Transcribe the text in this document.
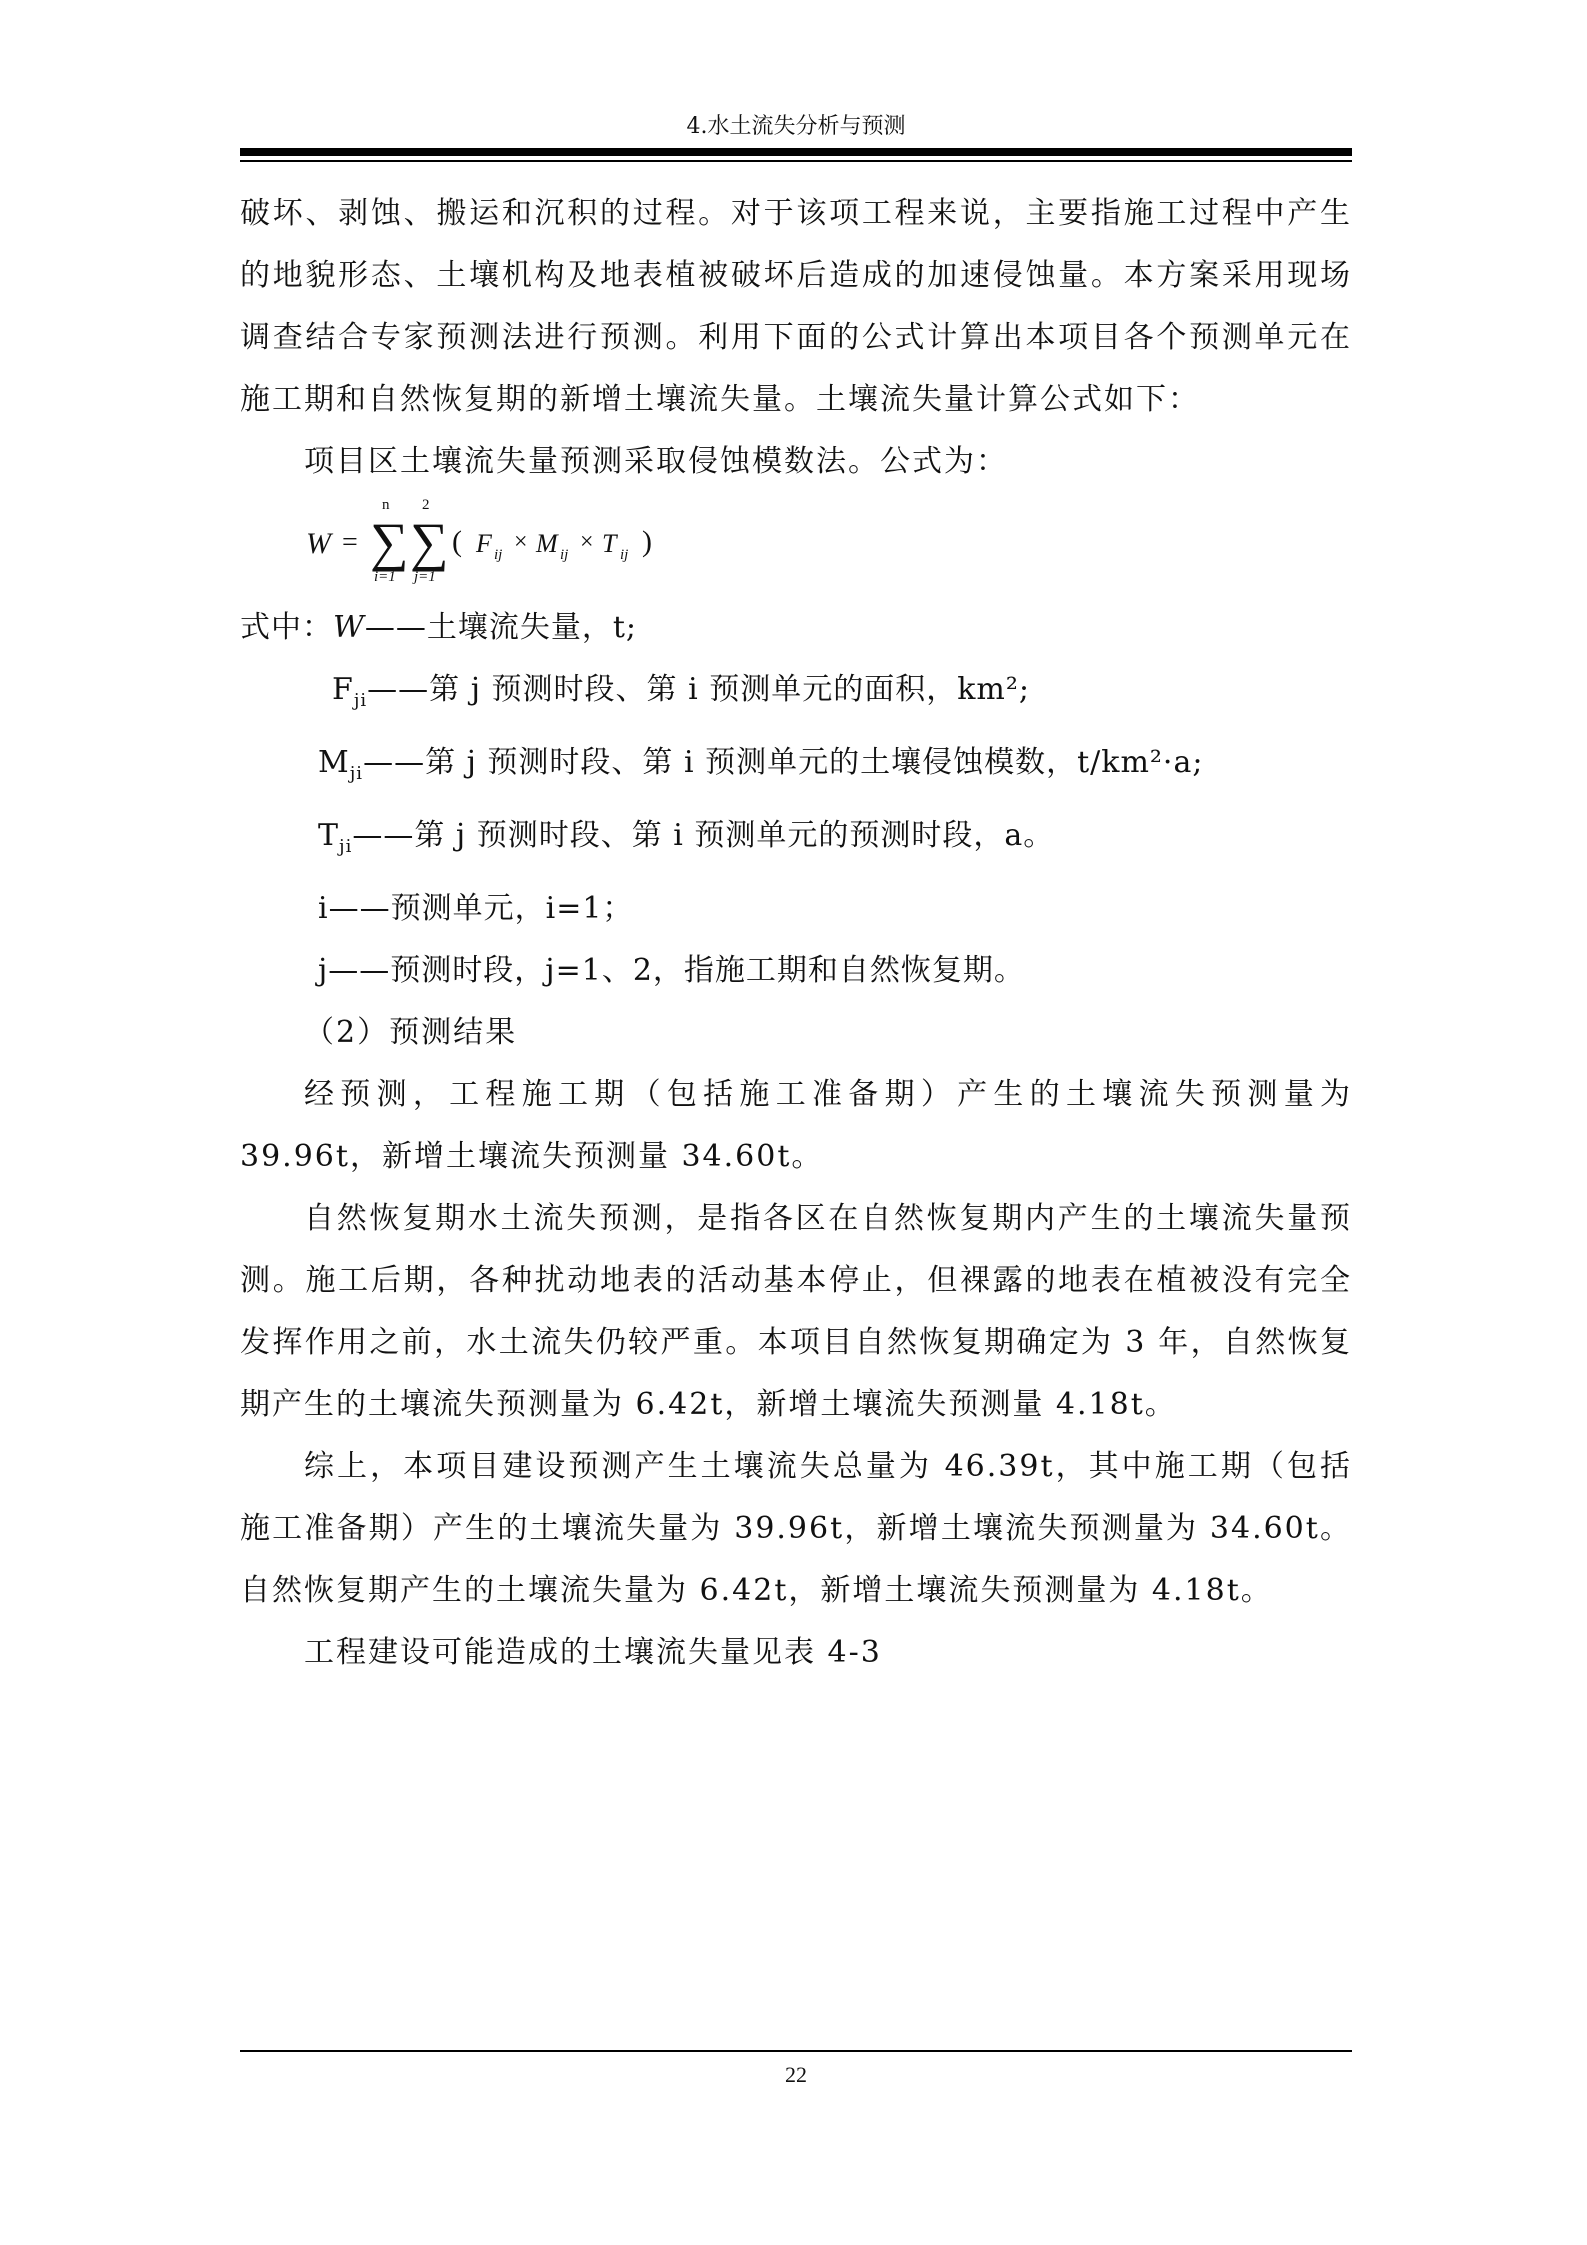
4.水土流失分析与预测

破坏、剥蚀、搬运和沉积的过程。对于该项工程来说，主要指施工过程中产生的地貌形态、土壤机构及地表植被破坏后造成的加速侵蚀量。本方案采用现场调查结合专家预测法进行预测。利用下面的公式计算出本项目各个预测单元在施工期和自然恢复期的新增土壤流失量。土壤流失量计算公式如下：

项目区土壤流失量预测采取侵蚀模数法。公式为：

W =
n
∑
i=1
2
∑
j=1
( F ij × M ij × T ij )

式中：W——土壤流失量，t;

$F_{ji}——$第 j 预测时段、第 i 预测单元的面积，km²;

$M_{ji}——$第 j 预测时段、第 i 预测单元的土壤侵蚀模数，t/km²·a;

$T_{ji}——$第 j 预测时段、第 i 预测单元的预测时段，a。

i——预测单元，i=1；

j——预测时段，j=1、2，指施工期和自然恢复期。

（2）预测结果

经预测，工程施工期（包括施工准备期）产生的土壤流失预测量为 39.96t，新增土壤流失预测量 34.60t。

自然恢复期水土流失预测，是指各区在自然恢复期内产生的土壤流失量预测。施工后期，各种扰动地表的活动基本停止，但裸露的地表在植被没有完全发挥作用之前，水土流失仍较严重。本项目自然恢复期确定为 3 年，自然恢复期产生的土壤流失预测量为 6.42t，新增土壤流失预测量 4.18t。

综上，本项目建设预测产生土壤流失总量为 46.39t，其中施工期（包括施工准备期）产生的土壤流失量为 39.96t，新增土壤流失预测量为 34.60t。自然恢复期产生的土壤流失量为 6.42t，新增土壤流失预测量为 4.18t。

工程建设可能造成的土壤流失量见表 4-3

22
